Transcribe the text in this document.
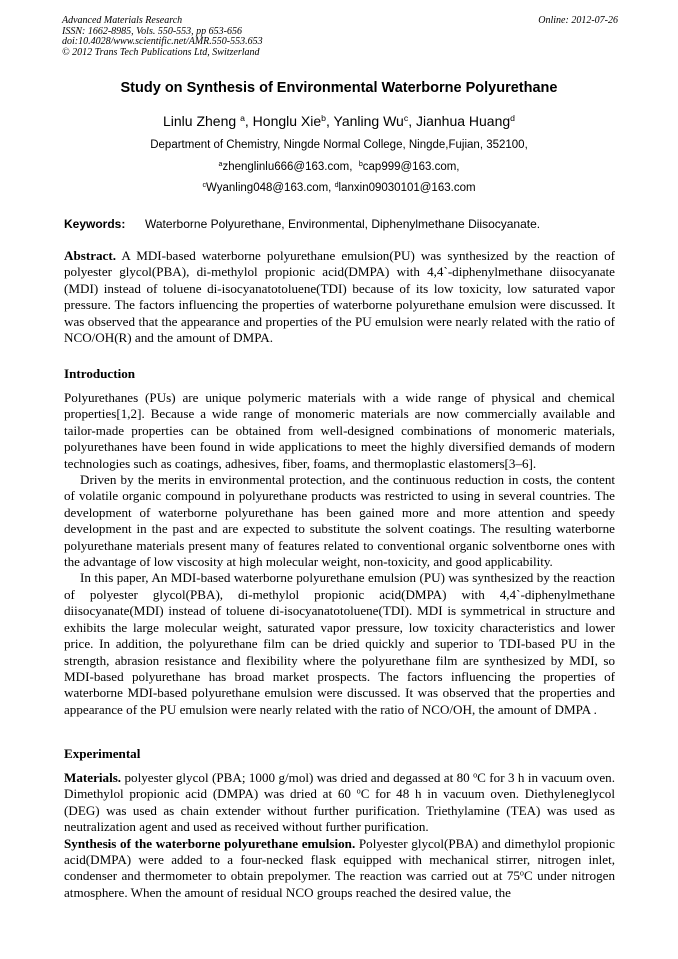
Advanced Materials Research
ISSN: 1662-8985, Vols. 550-553, pp 653-656
doi:10.4028/www.scientific.net/AMR.550-553.653
© 2012 Trans Tech Publications Ltd, Switzerland
Online: 2012-07-26
Study on Synthesis of Environmental Waterborne Polyurethane
Linlu Zheng $^a$, Honglu Xie$^b$, Yanling Wu$^c$, Jianhua Huang$^d$
Department of Chemistry, Ningde Normal College, Ningde,Fujian, 352100,
$^a$zhenglinlu666@163.com, $^b$cap999@163.com,
$^c$Wyanling048@163.com, $^d$lanxin09030101@163.com
Keywords: Waterborne Polyurethane, Environmental, Diphenylmethane Diisocyanate.

Abstract. A MDI-based waterborne polyurethane emulsion(PU) was synthesized by the reaction of polyester glycol(PBA), di-methylol propionic acid(DMPA) with 4,4`-diphenylmethane diisocyanate (MDI) instead of toluene di-isocyanatotoluene(TDI) because of its low toxicity, low saturated vapor pressure. The factors influencing the properties of waterborne polyurethane emulsion were discussed. It was observed that the appearance and properties of the PU emulsion were nearly related with the ratio of NCO/OH(R) and the amount of DMPA.

Introduction

Polyurethanes (PUs) are unique polymeric materials with a wide range of physical and chemical properties[1,2]. Because a wide range of monomeric materials are now commercially available and tailor-made properties can be obtained from well-designed combinations of monomeric materials, polyurethanes have been found in wide applications to meet the highly diversified demands of modern technologies such as coatings, adhesives, fiber, foams, and thermoplastic elastomers[3–6].

Driven by the merits in environmental protection, and the continuous reduction in costs, the content of volatile organic compound in polyurethane products was restricted to using in several countries. The development of waterborne polyurethane has been gained more and more attention and speedy development in the past and are expected to substitute the solvent coatings. The resulting waterborne polyurethane materials present many of features related to conventional organic solventborne ones with the advantage of low viscosity at high molecular weight, non-toxicity, and good applicability.

In this paper, An MDI-based waterborne polyurethane emulsion (PU) was synthesized by the reaction of polyester glycol(PBA), di-methylol propionic acid(DMPA) with 4,4`-diphenylmethane diisocyanate(MDI) instead of toluene di-isocyanatotoluene(TDI). MDI is symmetrical in structure and exhibits the large molecular weight, saturated vapor pressure, low toxicity characteristics and lower price. In addition, the polyurethane film can be dried quickly and superior to TDI-based PU in the strength, abrasion resistance and flexibility where the polyurethane film are synthesized by MDI, so MDI-based polyurethane has broad market prospects. The factors influencing the properties of waterborne MDI-based polyurethane emulsion were discussed. It was observed that the properties and appearance of the PU emulsion were nearly related with the ratio of NCO/OH, the amount of DMPA .

Experimental

Materials. polyester glycol (PBA; 1000 g/mol) was dried and degassed at 80 $^o$C for 3 h in vacuum oven. Dimethylol propionic acid (DMPA) was dried at 60 $^o$C for 48 h in vacuum oven. Diethyleneglycol (DEG) was used as chain extender without further purification. Triethylamine (TEA) was used as neutralization agent and used as received without further purification.

Synthesis of the waterborne polyurethane emulsion. Polyester glycol(PBA) and dimethylol propionic acid(DMPA) were added to a four-necked flask equipped with mechanical stirrer, nitrogen inlet, condenser and thermometer to obtain prepolymer. The reaction was carried out at 75$^o$C under nitrogen atmosphere. When the amount of residual NCO groups reached the desired value, the
